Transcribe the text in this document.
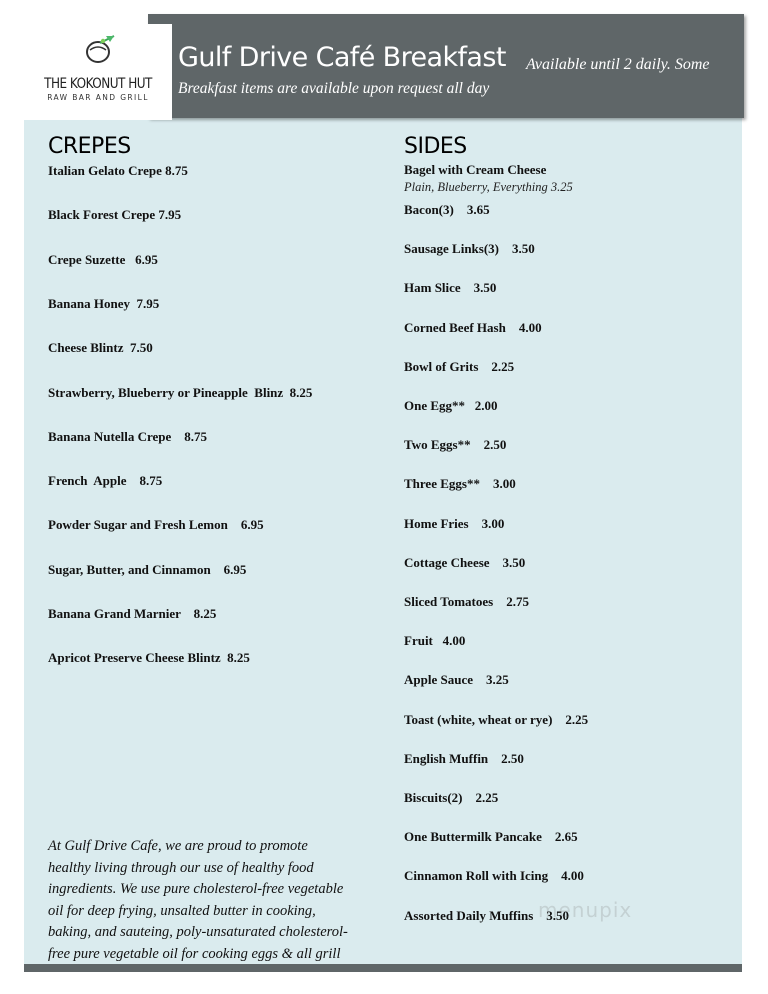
THE KOKONUT HUT
RAW BAR AND GRILL
Gulf Drive Café Breakfast Available until 2 daily. Some
Breakfast items are available upon request all day
CREPES
Italian Gelato Crepe 8.75
Black Forest Crepe 7.95
Crepe Suzette   6.95
Banana Honey  7.95
Cheese Blintz  7.50
Strawberry, Blueberry or Pineapple  Blinz  8.25
Banana Nutella Crepe    8.75
French  Apple    8.75
Powder Sugar and Fresh Lemon    6.95
Sugar, Butter, and Cinnamon    6.95
Banana Grand Marnier    8.25
Apricot Preserve Cheese Blintz  8.25
SIDES
Bagel with Cream Cheese
Plain, Blueberry, Everything 3.25
Bacon(3)    3.65
Sausage Links(3)    3.50
Ham Slice    3.50
Corned Beef Hash    4.00
Bowl of Grits    2.25
One Egg**   2.00
Two Eggs**    2.50
Three Eggs**    3.00
Home Fries    3.00
Cottage Cheese    3.50
Sliced Tomatoes    2.75
Fruit   4.00
Apple Sauce    3.25
Toast (white, wheat or rye)    2.25
English Muffin    2.50
Biscuits(2)    2.25
One Buttermilk Pancake    2.65
Cinnamon Roll with Icing    4.00
Assorted Daily Muffins    3.50
At Gulf Drive Cafe, we are proud to promote
healthy living through our use of healthy food
ingredients. We use pure cholesterol-free vegetable
oil for deep frying, unsalted butter in cooking,
baking, and sauteing, poly-unsaturated cholesterol-
free pure vegetable oil for cooking eggs & all grill
menupix
